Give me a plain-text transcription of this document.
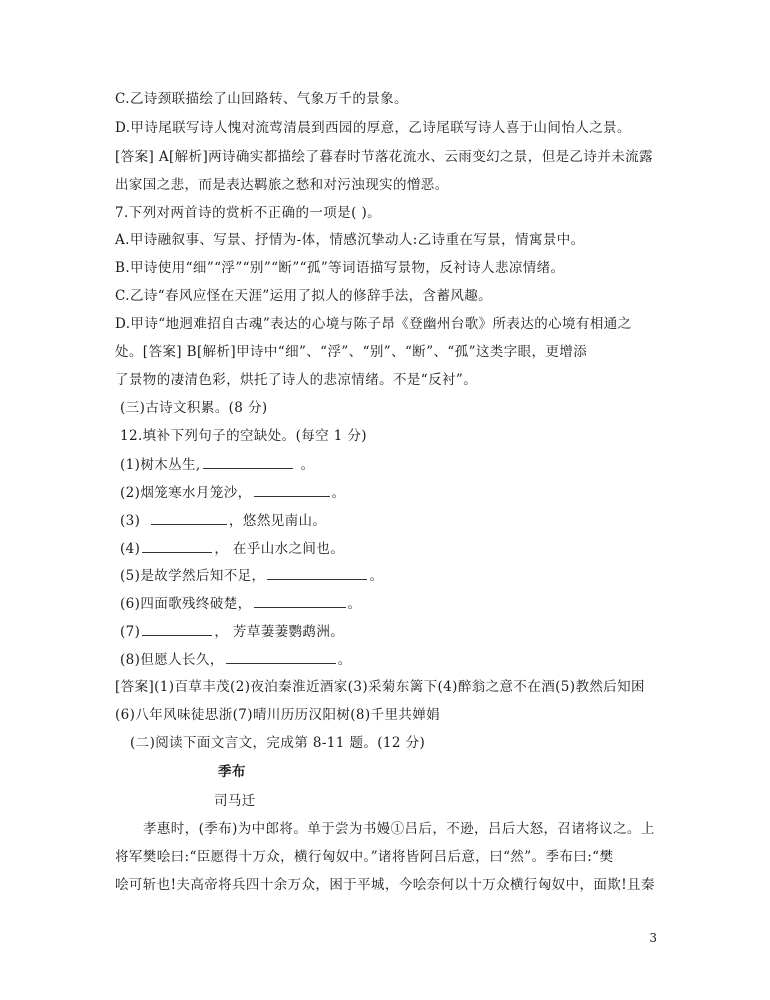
C.乙诗颈联描绘了山回路转、气象万千的景象。
D.甲诗尾联写诗人愧对流莺清晨到西园的厚意，乙诗尾联写诗人喜于山间怡人之景。
[答案] A[解析]两诗确实都描绘了暮春时节落花流水、云雨变幻之景，但是乙诗并未流露
出家国之悲，而是表达羁旅之愁和对污浊现实的憎恶。
7.下列对两首诗的赏析不正确的一项是( )。
A.甲诗融叙事、写景、抒情为-体，情感沉挚动人:乙诗重在写景，情寓景中。
B.甲诗使用“细”“浮”“别”“断”“孤”等词语描写景物，反衬诗人悲凉情绪。
C.乙诗“春风应怪在天涯”运用了拟人的修辞手法，含蓄风趣。
D.甲诗“地迥难招自古魂”表达的心境与陈子昂《登幽州台歌》所表达的心境有相通之
处。[答案] B[解析]甲诗中“细”、“浮”、“别”、“断”、“孤”这类字眼，更增添
了景物的凄清色彩，烘托了诗人的悲凉情绪。不是“反衬”。
(三)古诗文积累。(8 分)
12.填补下列句子的空缺处。(每空 1 分)
(1)树木丛生,	。
(2)烟笼寒水月笼沙，	。
(3)	，悠然见南山。
(4)	， 在乎山水之间也。
(5)是故学然后知不足，	。
(6)四面歌残终破楚，	。
(7)	， 芳草萋萋鹦鹉洲。
(8)但愿人长久，	。
[答案](1)百草丰茂(2)夜泊秦淮近酒家(3)采菊东篱下(4)醉翁之意不在酒(5)教然后知困
(6)八年风味徒思浙(7)晴川历历汉阳树(8)千里共婵娟
(二)阅读下面文言文，完成第 8-11 题。(12 分)
季布
司马迁
孝惠时，(季布)为中郎将。单于尝为书嫚①吕后，不逊，吕后大怒，召诸将议之。上
将军樊哙曰:“臣愿得十万众，横行匈奴中。”诸将皆阿吕后意，曰“然”。季布曰:“樊
哙可斩也!夫高帝将兵四十余万众，困于平城，今哙奈何以十万众横行匈奴中，面欺!且秦
3
